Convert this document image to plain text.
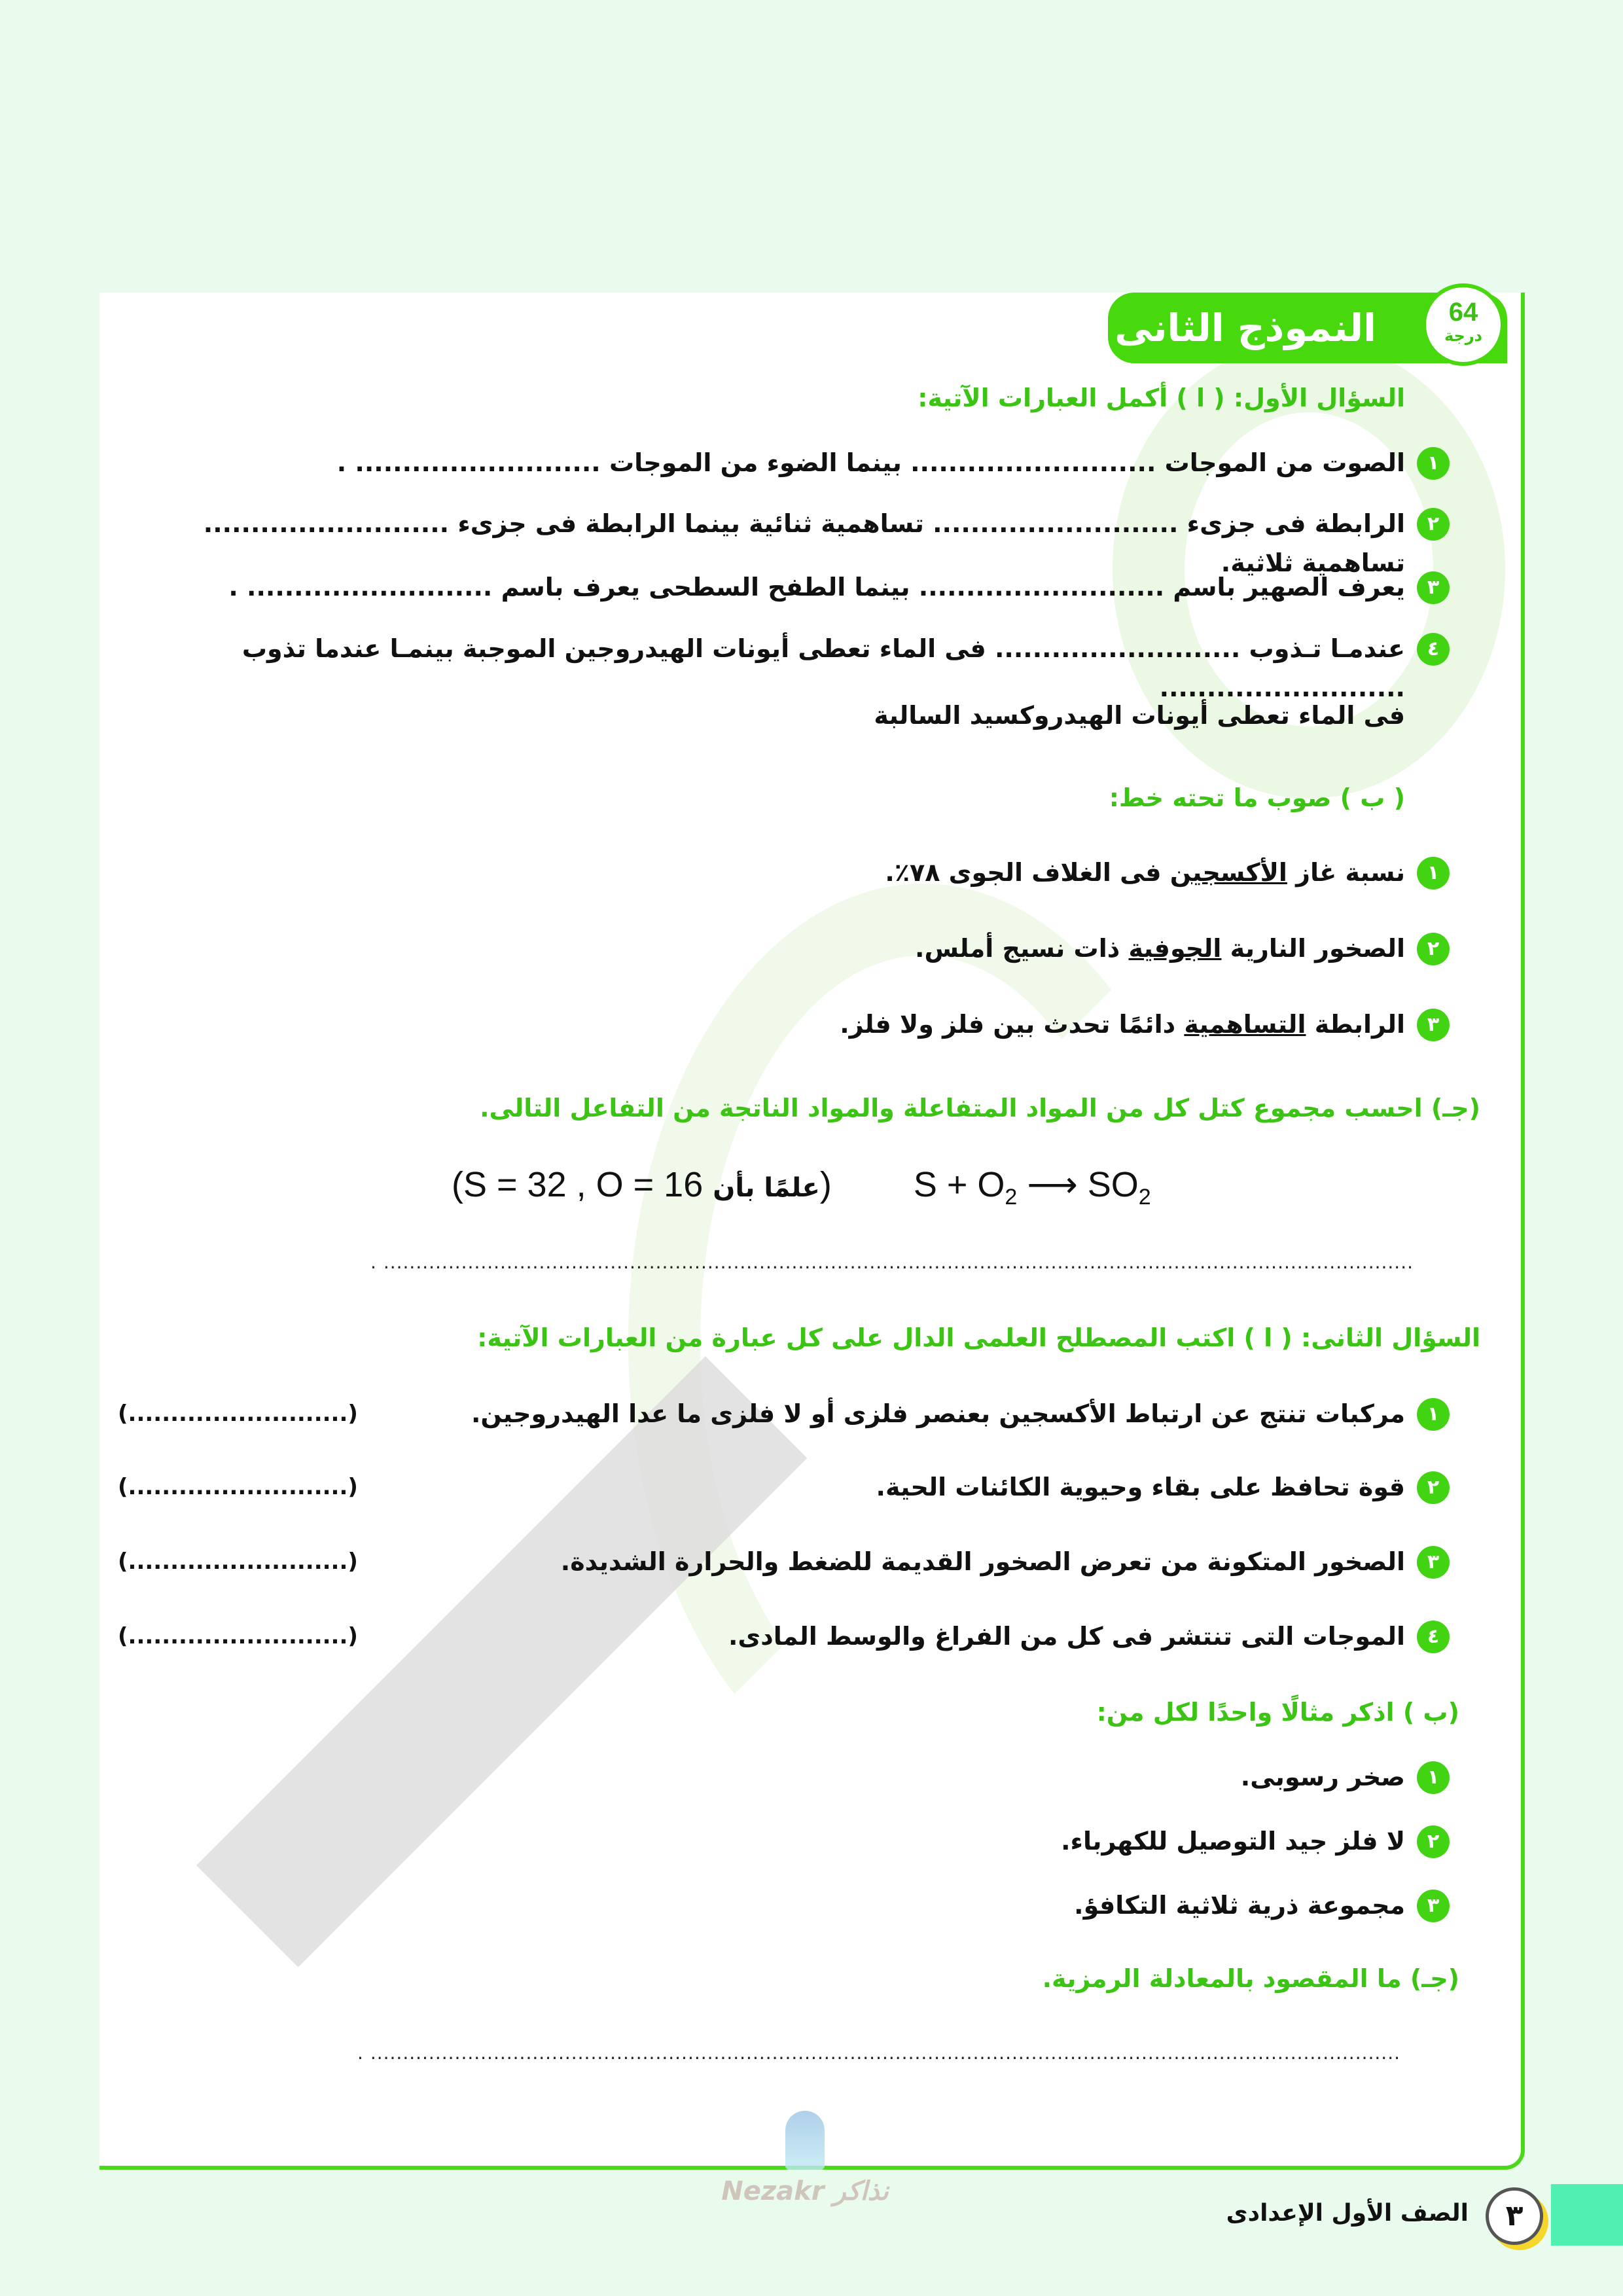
النموذج الثانى	64
درجة
السؤال الأول: ( ا ) أكمل العبارات الآتية:
١
الصوت من الموجات .......................... بينما الضوء من الموجات .......................... .
٢
الرابطة فى جزىء .......................... تساهمية ثنائية بينما الرابطة فى جزىء .......................... تساهمية ثلاثية.
٣
يعرف الصهير باسم .......................... بينما الطفح السطحى يعرف باسم .......................... .
٤
عندمـا تـذوب .......................... فى الماء تعطى أيونات الهيدروجين الموجبة بينمـا عندما تذوب ..........................
فى الماء تعطى أيونات الهيدروكسيد السالبة
( ب ) صوب ما تحته خط:
١
نسبة غاز الأكسجين فى الغلاف الجوى ٧٨٪.
٢
الصخور النارية الجوفية ذات نسيج أملس.
٣
الرابطة التساهمية دائمًا تحدث بين فلز ولا فلز.
(جـ) احسب مجموع كتل كل من المواد المتفاعلة والمواد الناتجة من التفاعل التالى.
(S = 32 , O = 16 علمًا بأن) $S + O_2$ ⟶ $SO_2$
............................................................................................................................................................... .
السؤال الثانى: ( ا ) اكتب المصطلح العلمى الدال على كل عبارة من العبارات الآتية:
١
مركبات تنتج عن ارتباط الأكسجين بعنصر فلزى أو لا فلزى ما عدا الهيدروجين.
(..........................)
٢
قوة تحافظ على بقاء وحيوية الكائنات الحية.
(..........................)
٣
الصخور المتكونة من تعرض الصخور القديمة للضغط والحرارة الشديدة.
(..........................)
٤
الموجات التى تنتشر فى كل من الفراغ والوسط المادى.
(..........................)
(ب ) اذكر مثالًا واحدًا لكل من:
١
صخر رسوبى.
٢
لا فلز جيد التوصيل للكهرباء.
٣
مجموعة ذرية ثلاثية التكافؤ.
(جـ) ما المقصود بالمعادلة الرمزية.
............................................................................................................................................................... .
Nezakr نذاكر
٣
الصف الأول الإعدادى
